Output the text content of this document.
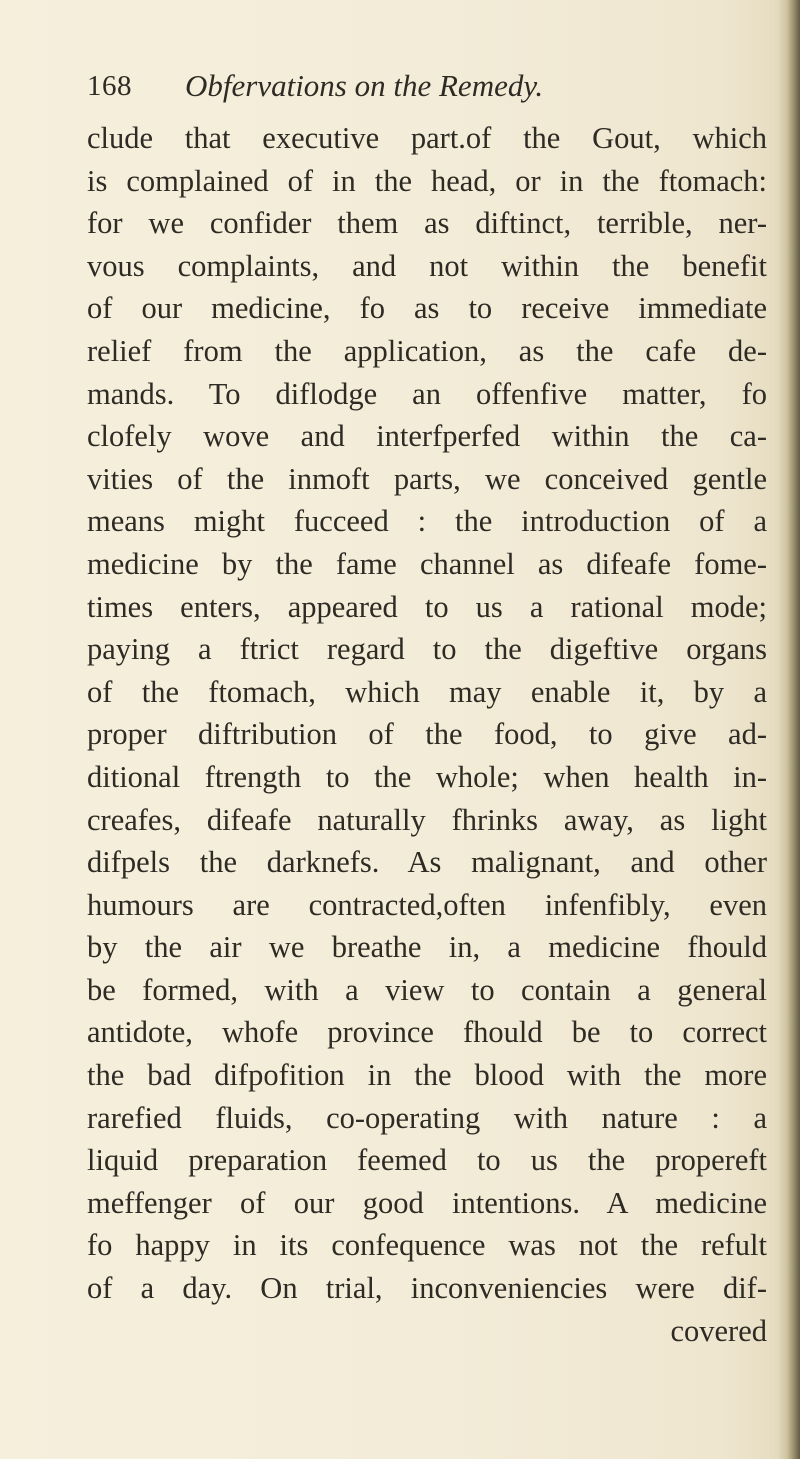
168 Obfervations on the Remedy.
clude that executive part.of the Gout, which
is complained of in the head, or in the ftomach:
for we confider them as diftinct, terrible, ner-
vous complaints, and not within the benefit
of our medicine, fo as to receive immediate
relief from the application, as the cafe de-
mands. To diflodge an offenfive matter, fo
clofely wove and interfperfed within the ca-
vities of the inmoft parts, we conceived gentle
means might fucceed : the introduction of a
medicine by the fame channel as difeafe fome-
times enters, appeared to us a rational mode;
paying a ftrict regard to the digeftive organs
of the ftomach, which may enable it, by a
proper diftribution of the food, to give ad-
ditional ftrength to the whole; when health in-
creafes, difeafe naturally fhrinks away, as light
difpels the darknefs. As malignant, and other
humours are contracted,often infenfibly, even
by the air we breathe in, a medicine fhould
be formed, with a view to contain a general
antidote, whofe province fhould be to correct
the bad difpofition in the blood with the more
rarefied fluids, co-operating with nature : a
liquid preparation feemed to us the propereft
meffenger of our good intentions. A medicine
fo happy in its confequence was not the refult
of a day. On trial, inconveniencies were dif-
covered
